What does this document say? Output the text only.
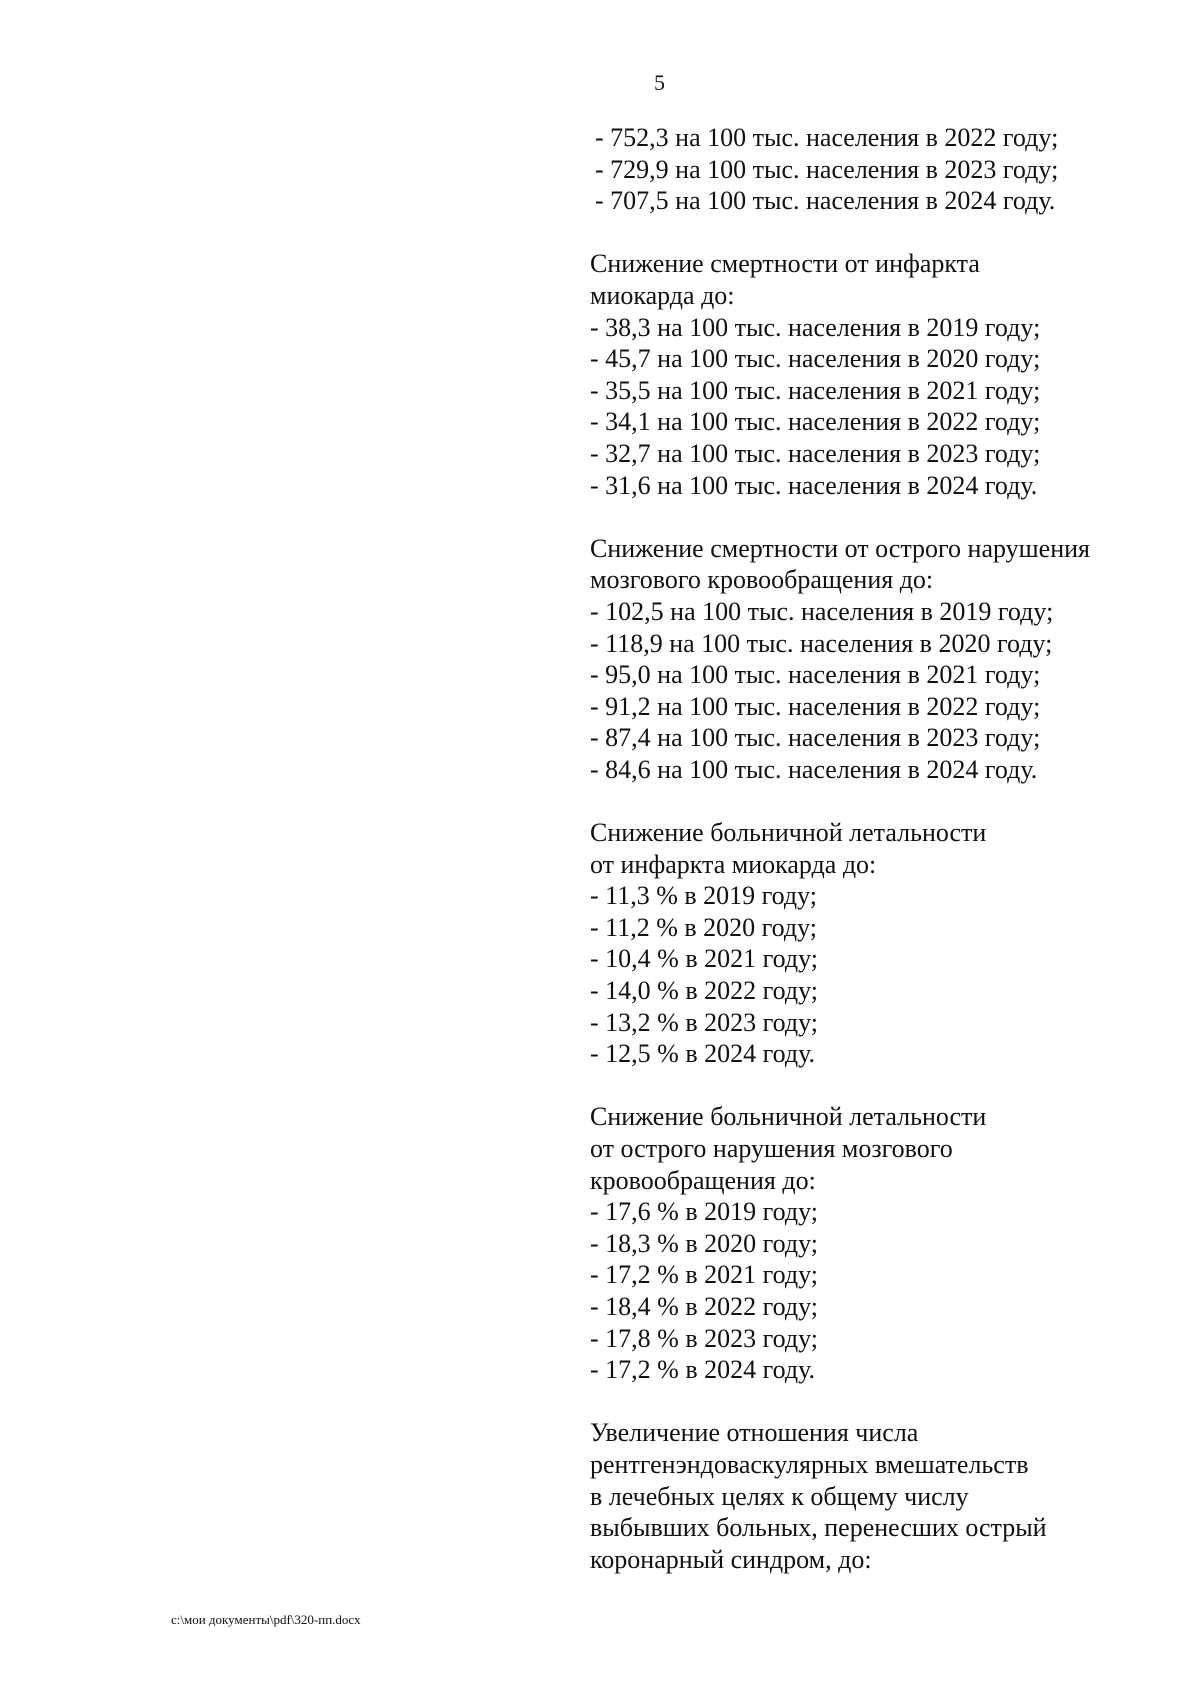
5
- 752,3 на 100 тыс. населения в 2022 году;
- 729,9 на 100 тыс. населения в 2023 году;
- 707,5 на 100 тыс. населения в 2024 году.
Снижение смертности от инфаркта
миокарда до:
- 38,3 на 100 тыс. населения в 2019 году;
- 45,7 на 100 тыс. населения в 2020 году;
- 35,5 на 100 тыс. населения в 2021 году;
- 34,1 на 100 тыс. населения в 2022 году;
- 32,7 на 100 тыс. населения в 2023 году;
- 31,6 на 100 тыс. населения в 2024 году.
Снижение смертности от острого нарушения
мозгового кровообращения до:
- 102,5 на 100 тыс. населения в 2019 году;
- 118,9 на 100 тыс. населения в 2020 году;
- 95,0 на 100 тыс. населения в 2021 году;
- 91,2 на 100 тыс. населения в 2022 году;
- 87,4 на 100 тыс. населения в 2023 году;
- 84,6 на 100 тыс. населения в 2024 году.
Снижение больничной летальности
от инфаркта миокарда до:
- 11,3 % в 2019 году;
- 11,2 % в 2020 году;
- 10,4 % в 2021 году;
- 14,0 % в 2022 году;
- 13,2 % в 2023 году;
- 12,5 % в 2024 году.
Снижение больничной летальности
от острого нарушения мозгового
кровообращения до:
- 17,6 % в 2019 году;
- 18,3 % в 2020 году;
- 17,2 % в 2021 году;
- 18,4 % в 2022 году;
- 17,8 % в 2023 году;
- 17,2 % в 2024 году.
Увеличение отношения числа
рентгенэндоваскулярных вмешательств
в лечебных целях к общему числу
выбывших больных, перенесших острый
коронарный синдром, до:
c:\мои документы\pdf\320-пп.docx
